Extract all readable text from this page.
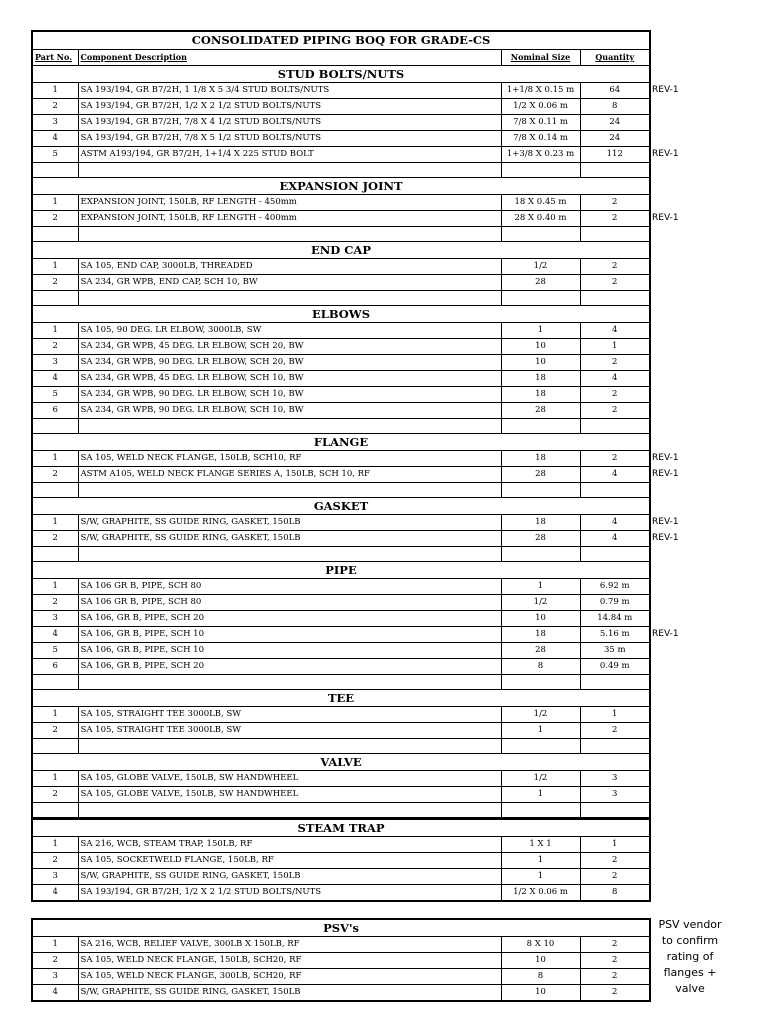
CONSOLIDATED PIPING BOQ FOR GRADE-CS				
Part No.	Component Description	Nominal Size	Quantity	
STUD BOLTS/NUTS				
1	SA 193/194, GR B7/2H, 1 1/8 X 5 3/4 STUD BOLTS/NUTS	1+1/8 X 0.15 m	64	REV-1
2	SA 193/194, GR B7/2H, 1/2 X 2 1/2 STUD BOLTS/NUTS	1/2 X 0.06 m	8	
3	SA 193/194, GR B7/2H, 7/8 X 4 1/2 STUD BOLTS/NUTS	7/8 X 0.11 m	24	
4	SA 193/194, GR B7/2H, 7/8 X 5 1/2 STUD BOLTS/NUTS	7/8 X 0.14 m	24	
5	ASTM A193/194, GR B7/2H, 1+1/4 X 225 STUD BOLT	1+3/8 X 0.23 m	112	REV-1

EXPANSION JOINT				
1	EXPANSION JOINT, 150LB, RF LENGTH - 450mm	18 X 0.45 m	2	
2	EXPANSION JOINT, 150LB, RF LENGTH - 400mm	28 X 0.40 m	2	REV-1

END CAP				
1	SA 105, END CAP, 3000LB, THREADED	1/2	2	
2	SA 234, GR WPB, END CAP, SCH 10, BW	28	2	

ELBOWS				
1	SA 105, 90 DEG. LR ELBOW, 3000LB, SW	1	4	
2	SA 234, GR WPB, 45 DEG. LR ELBOW, SCH 20, BW	10	1	
3	SA 234, GR WPB, 90 DEG. LR ELBOW, SCH 20, BW	10	2	
4	SA 234, GR WPB, 45 DEG. LR ELBOW, SCH 10, BW	18	4	
5	SA 234, GR WPB, 90 DEG. LR ELBOW, SCH 10, BW	18	2	
6	SA 234, GR WPB, 90 DEG. LR ELBOW, SCH 10, BW	28	2	

FLANGE				
1	SA 105, WELD NECK FLANGE, 150LB, SCH10, RF	18	2	REV-1
2	ASTM A105, WELD NECK FLANGE SERIES A, 150LB, SCH 10, RF	28	4	REV-1

GASKET				
1	S/W, GRAPHITE, SS GUIDE RING, GASKET, 150LB	18	4	REV-1
2	S/W, GRAPHITE, SS GUIDE RING, GASKET, 150LB	28	4	REV-1

PIPE				
1	SA 106 GR B, PIPE, SCH 80	1	6.92 m	
2	SA 106 GR B, PIPE, SCH 80	1/2	0.79 m	
3	SA 106, GR B, PIPE, SCH 20	10	14.84 m	
4	SA 106, GR B, PIPE, SCH 10	18	5.16 m	REV-1
5	SA 106, GR B, PIPE, SCH 10	28	35 m	
6	SA 106, GR B, PIPE, SCH 20	8	0.49 m	

TEE				
1	SA 105, STRAIGHT TEE 3000LB, SW	1/2	1	
2	SA 105, STRAIGHT TEE 3000LB, SW	1	2	

VALVE				
1	SA 105, GLOBE VALVE, 150LB, SW HANDWHEEL	1/2	3	
2	SA 105, GLOBE VALVE, 150LB, SW HANDWHEEL	1	3	

STEAM TRAP			
1	SA 216, WCB, STEAM TRAP, 150LB, RF	1 X 1	1
2	SA 105, SOCKETWELD FLANGE, 150LB, RF	1	2
3	S/W, GRAPHITE, SS GUIDE RING, GASKET, 150LB	1	2
4	SA 193/194, GR B7/2H, 1/2 X 2 1/2 STUD BOLTS/NUTS	1/2 X 0.06 m	8
PSV's			
1	SA 216, WCB, RELIEF VALVE, 300LB X 150LB, RF	8 X 10	2
2	SA 105, WELD NECK FLANGE, 150LB, SCH20, RF	10	2
3	SA 105, WELD NECK FLANGE, 300LB, SCH20, RF	8	2
4	S/W, GRAPHITE, SS GUIDE RING, GASKET, 150LB	10	2
PSV vendor to confirm rating of flanges + valve
